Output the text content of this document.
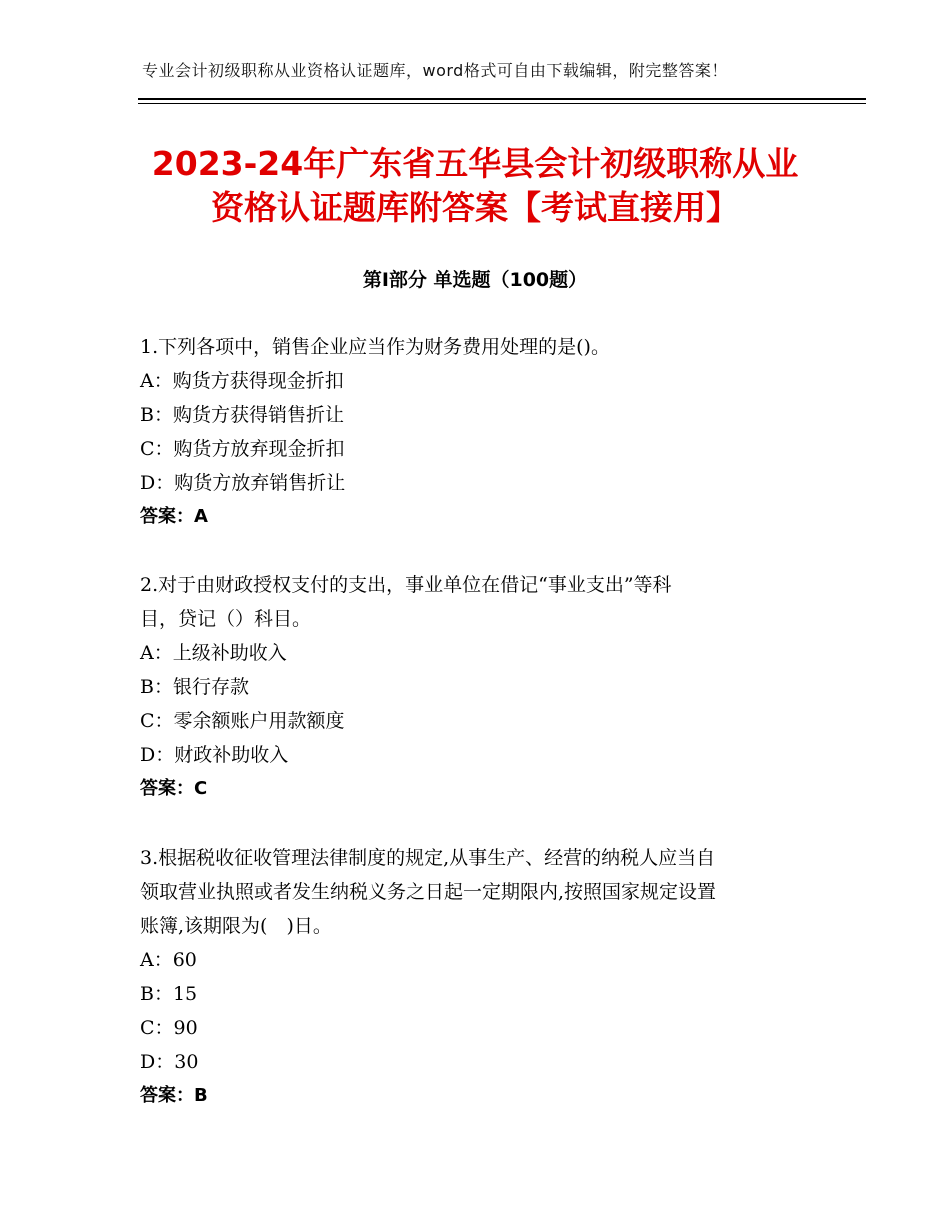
专业会计初级职称从业资格认证题库，word格式可自由下载编辑，附完整答案！
2023-24年广东省五华县会计初级职称从业
资格认证题库附答案【考试直接用】
第Ⅰ部分 单选题（100题）

1.下列各项中，销售企业应当作为财务费用处理的是()。

A：购货方获得现金折扣

B：购货方获得销售折让

C：购货方放弃现金折扣

D：购货方放弃销售折让

答案：A

2.对于由财政授权支付的支出，事业单位在借记“事业支出”等科

目，贷记（）科目。

A：上级补助收入

B：银行存款

C：零余额账户用款额度

D：财政补助收入

答案：C

3.根据税收征收管理法律制度的规定,从事生产、经营的纳税人应当自

领取营业执照或者发生纳税义务之日起一定期限内,按照国家规定设置

账簿,该期限为(　)日。

A：60

B：15

C：90

D：30

答案：B
